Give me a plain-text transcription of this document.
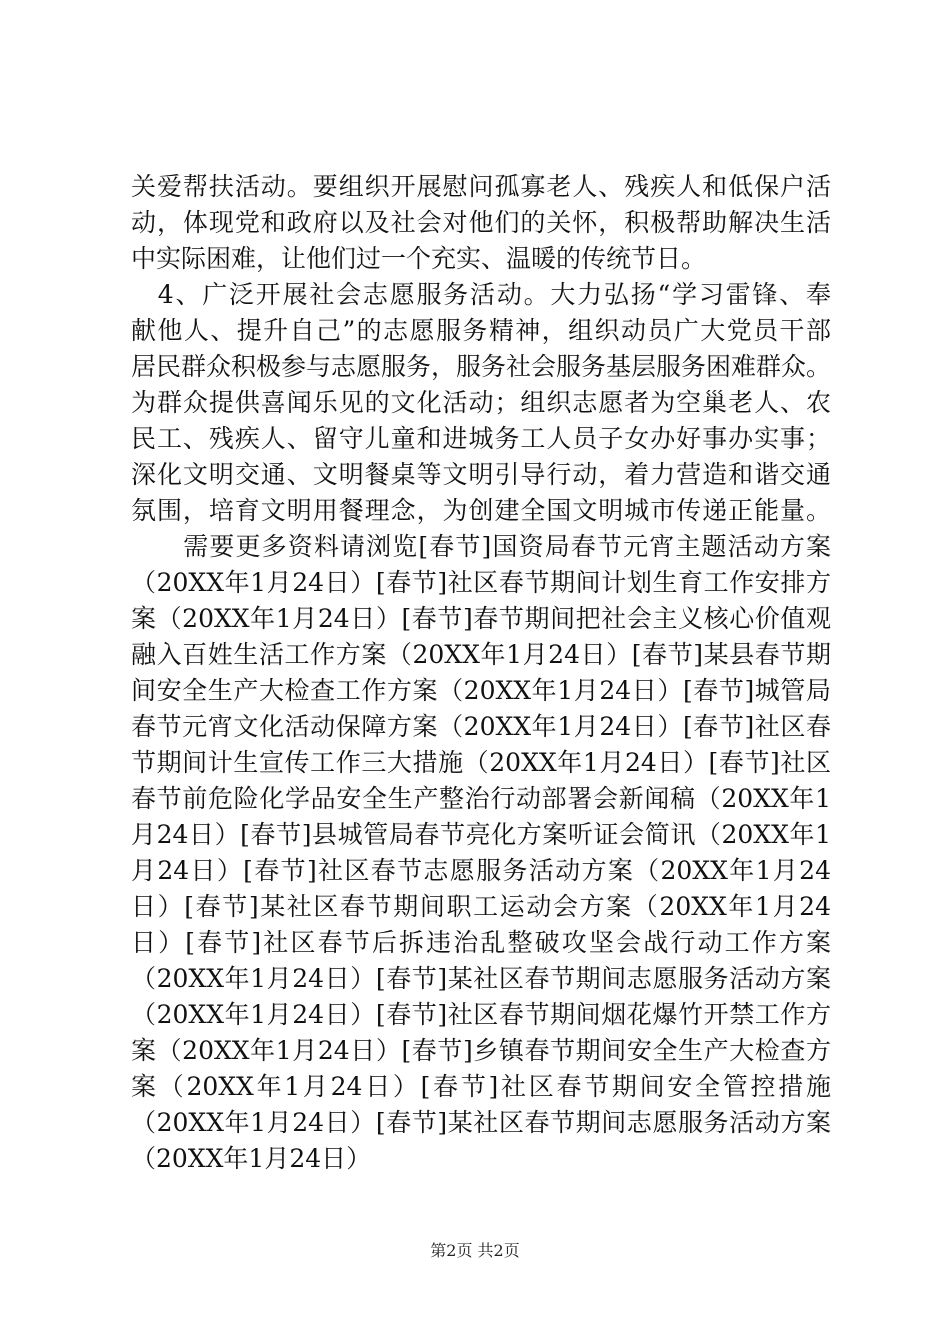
关爱帮扶活动。要组织开展慰问孤寡老人、残疾人和低保户活
动，体现党和政府以及社会对他们的关怀，积极帮助解决生活
中实际困难，让他们过一个充实、温暖的传统节日。
　4、广泛开展社会志愿服务活动。大力弘扬“学习雷锋、奉
献他人、提升自己”的志愿服务精神，组织动员广大党员干部
居民群众积极参与志愿服务，服务社会服务基层服务困难群众。
为群众提供喜闻乐见的文化活动；组织志愿者为空巢老人、农
民工、残疾人、留守儿童和进城务工人员子女办好事办实事；
深化文明交通、文明餐桌等文明引导行动，着力营造和谐交通
氛围，培育文明用餐理念，为创建全国文明城市传递正能量。
　　需要更多资料请浏览[春节]国资局春节元宵主题活动方案
（20XX年1月24日）[春节]社区春节期间计划生育工作安排方
案（20XX年1月24日）[春节]春节期间把社会主义核心价值观
融入百姓生活工作方案（20XX年1月24日）[春节]某县春节期
间安全生产大检查工作方案（20XX年1月24日）[春节]城管局
春节元宵文化活动保障方案（20XX年1月24日）[春节]社区春
节期间计生宣传工作三大措施（20XX年1月24日）[春节]社区
春节前危险化学品安全生产整治行动部署会新闻稿（20XX年1
月24日）[春节]县城管局春节亮化方案听证会简讯（20XX年1
月24日）[春节]社区春节志愿服务活动方案（20XX年1月24
日）[春节]某社区春节期间职工运动会方案（20XX年1月24
日）[春节]社区春节后拆违治乱整破攻坚会战行动工作方案
（20XX年1月24日）[春节]某社区春节期间志愿服务活动方案
（20XX年1月24日）[春节]社区春节期间烟花爆竹开禁工作方
案（20XX年1月24日）[春节]乡镇春节期间安全生产大检查方
案（20XX年1月24日）[春节]社区春节期间安全管控措施
（20XX年1月24日）[春节]某社区春节期间志愿服务活动方案
（20XX年1月24日）
第2页 共2页
